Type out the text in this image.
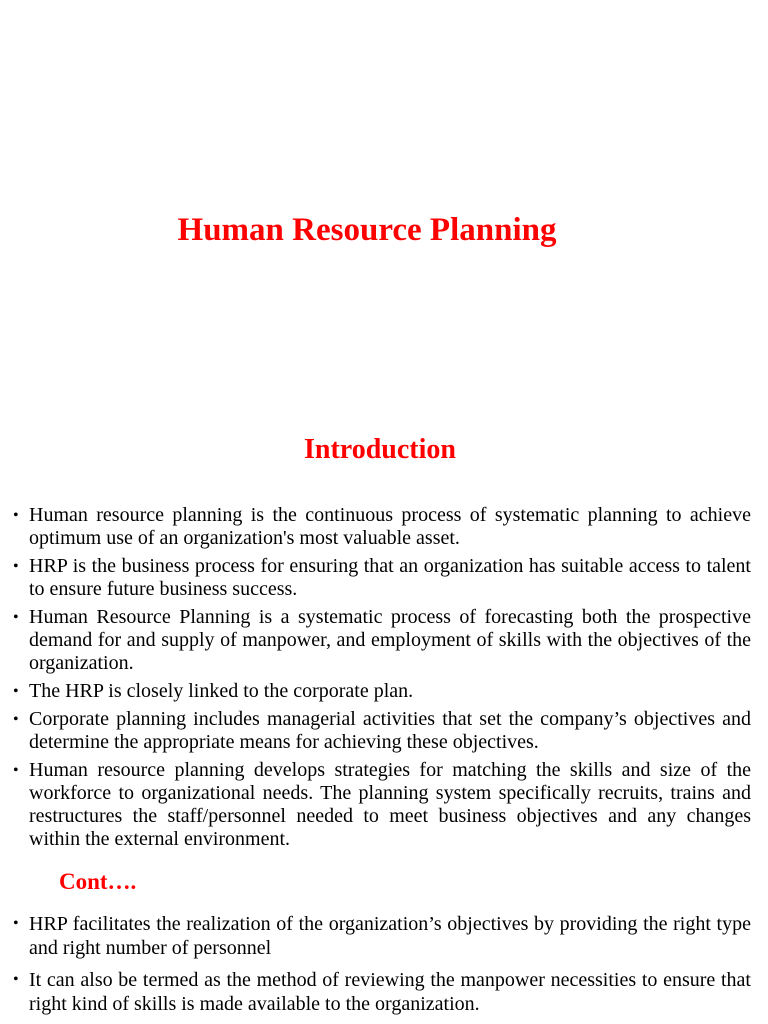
Human Resource Planning
Introduction
• Human resource planning is the continuous process of systematic planning to achieve optimum use of an organization's most valuable asset.
• HRP is the business process for ensuring that an organization has suitable access to talent to ensure future business success.
• Human Resource Planning is a systematic process of forecasting both the prospective demand for and supply of manpower, and employment of skills with the objectives of the organization.
• The HRP is closely linked to the corporate plan.
• Corporate planning includes managerial activities that set the company’s objectives and determine the appropriate means for achieving these objectives.
• Human resource planning develops strategies for matching the skills and size of the workforce to organizational needs. The planning system specifically recruits, trains and restructures the staff/personnel needed to meet business objectives and any changes within the external environment.
Cont….
• HRP facilitates the realization of the organization’s objectives by providing the right type and right number of personnel
• It can also be termed as the method of reviewing the manpower necessities to ensure that right kind of skills is made available to the organization.
